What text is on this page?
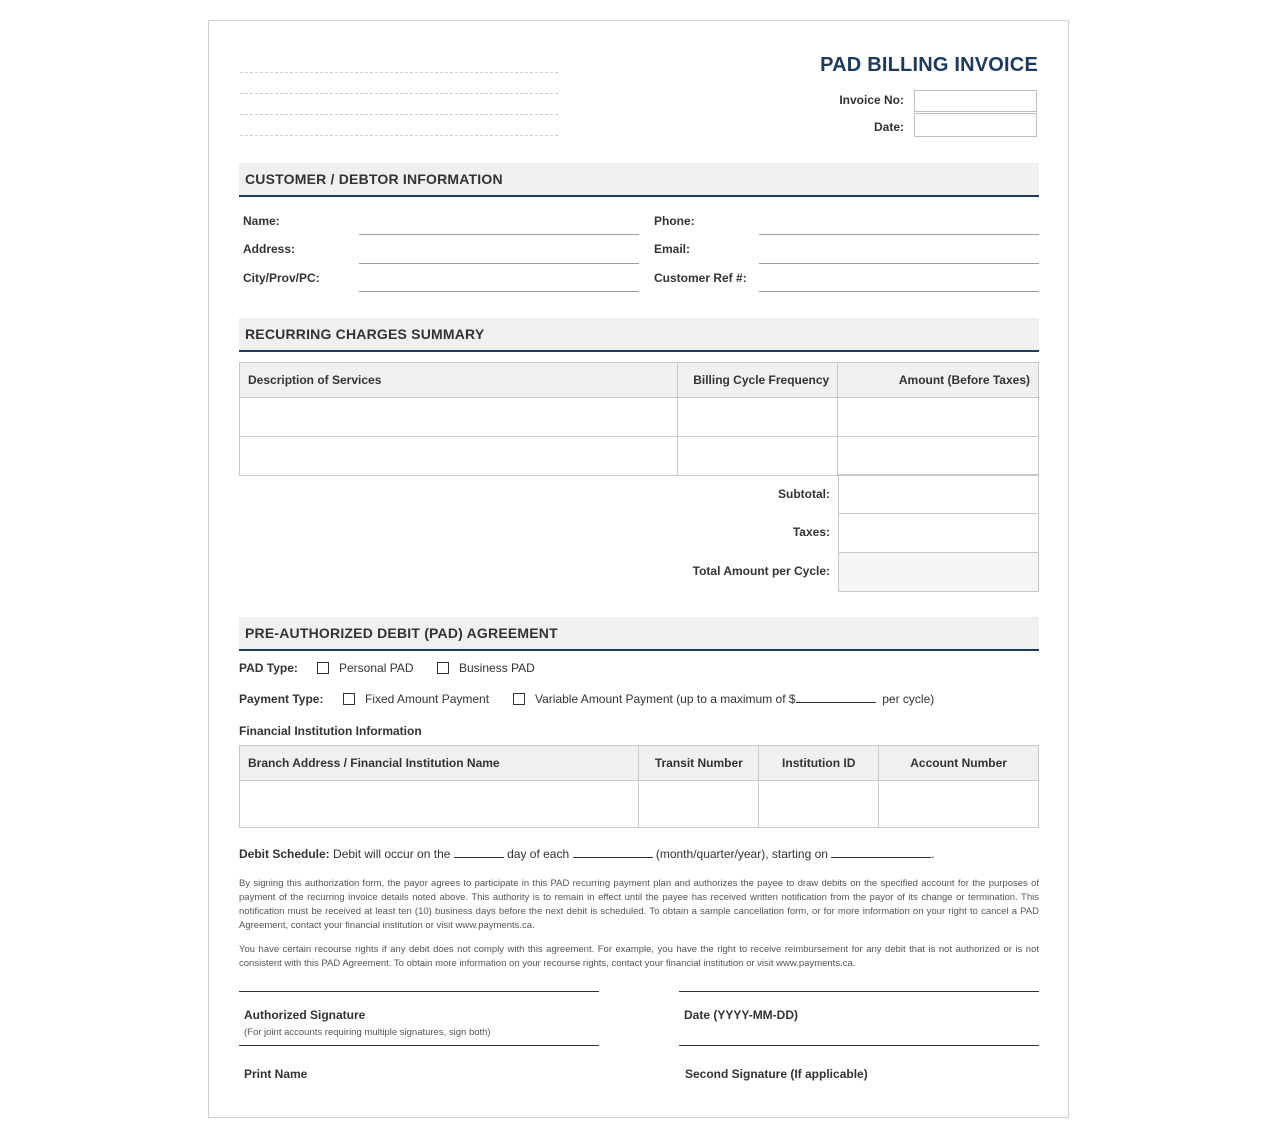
PAD BILLING INVOICE
Invoice No:
Date:
CUSTOMER / DEBTOR INFORMATION
Name:
Address:
City/Prov/PC:
Phone:
Email:
Customer Ref #:
RECURRING CHARGES SUMMARY
Description of Services	Billing Cycle Frequency	Amount (Before Taxes)

Subtotal:
Taxes:
Total Amount per Cycle:
PRE-AUTHORIZED DEBIT (PAD) AGREEMENT
PAD Type:	Personal PAD	Business PAD
Payment Type:	Fixed Amount Payment	Variable Amount Payment (up to a maximum of $	per cycle)
Financial Institution Information
Branch Address / Financial Institution Name	Transit Number	Institution ID	Account Number

Debit Schedule: Debit will occur on the	day of each	(month/quarter/year), starting on	.
By signing this authorization form, the payor agrees to participate in this PAD recurring payment plan and authorizes the payee to draw debits on the specified account for the purposes of payment of the recurring invoice details noted above. This authority is to remain in effect until the payee has received written notification from the payor of its change or termination. This notification must be received at least ten (10) business days before the next debit is scheduled. To obtain a sample cancellation form, or for more information on your right to cancel a PAD Agreement, contact your financial institution or visit www.payments.ca.
You have certain recourse rights if any debit does not comply with this agreement. For example, you have the right to receive reimbursement for any debit that is not authorized or is not consistent with this PAD Agreement. To obtain more information on your recourse rights, contact your financial institution or visit www.payments.ca.
Authorized Signature
(For joint accounts requiring multiple signatures, sign both)
Date (YYYY-MM-DD)
Print Name	Second Signature (If applicable)
